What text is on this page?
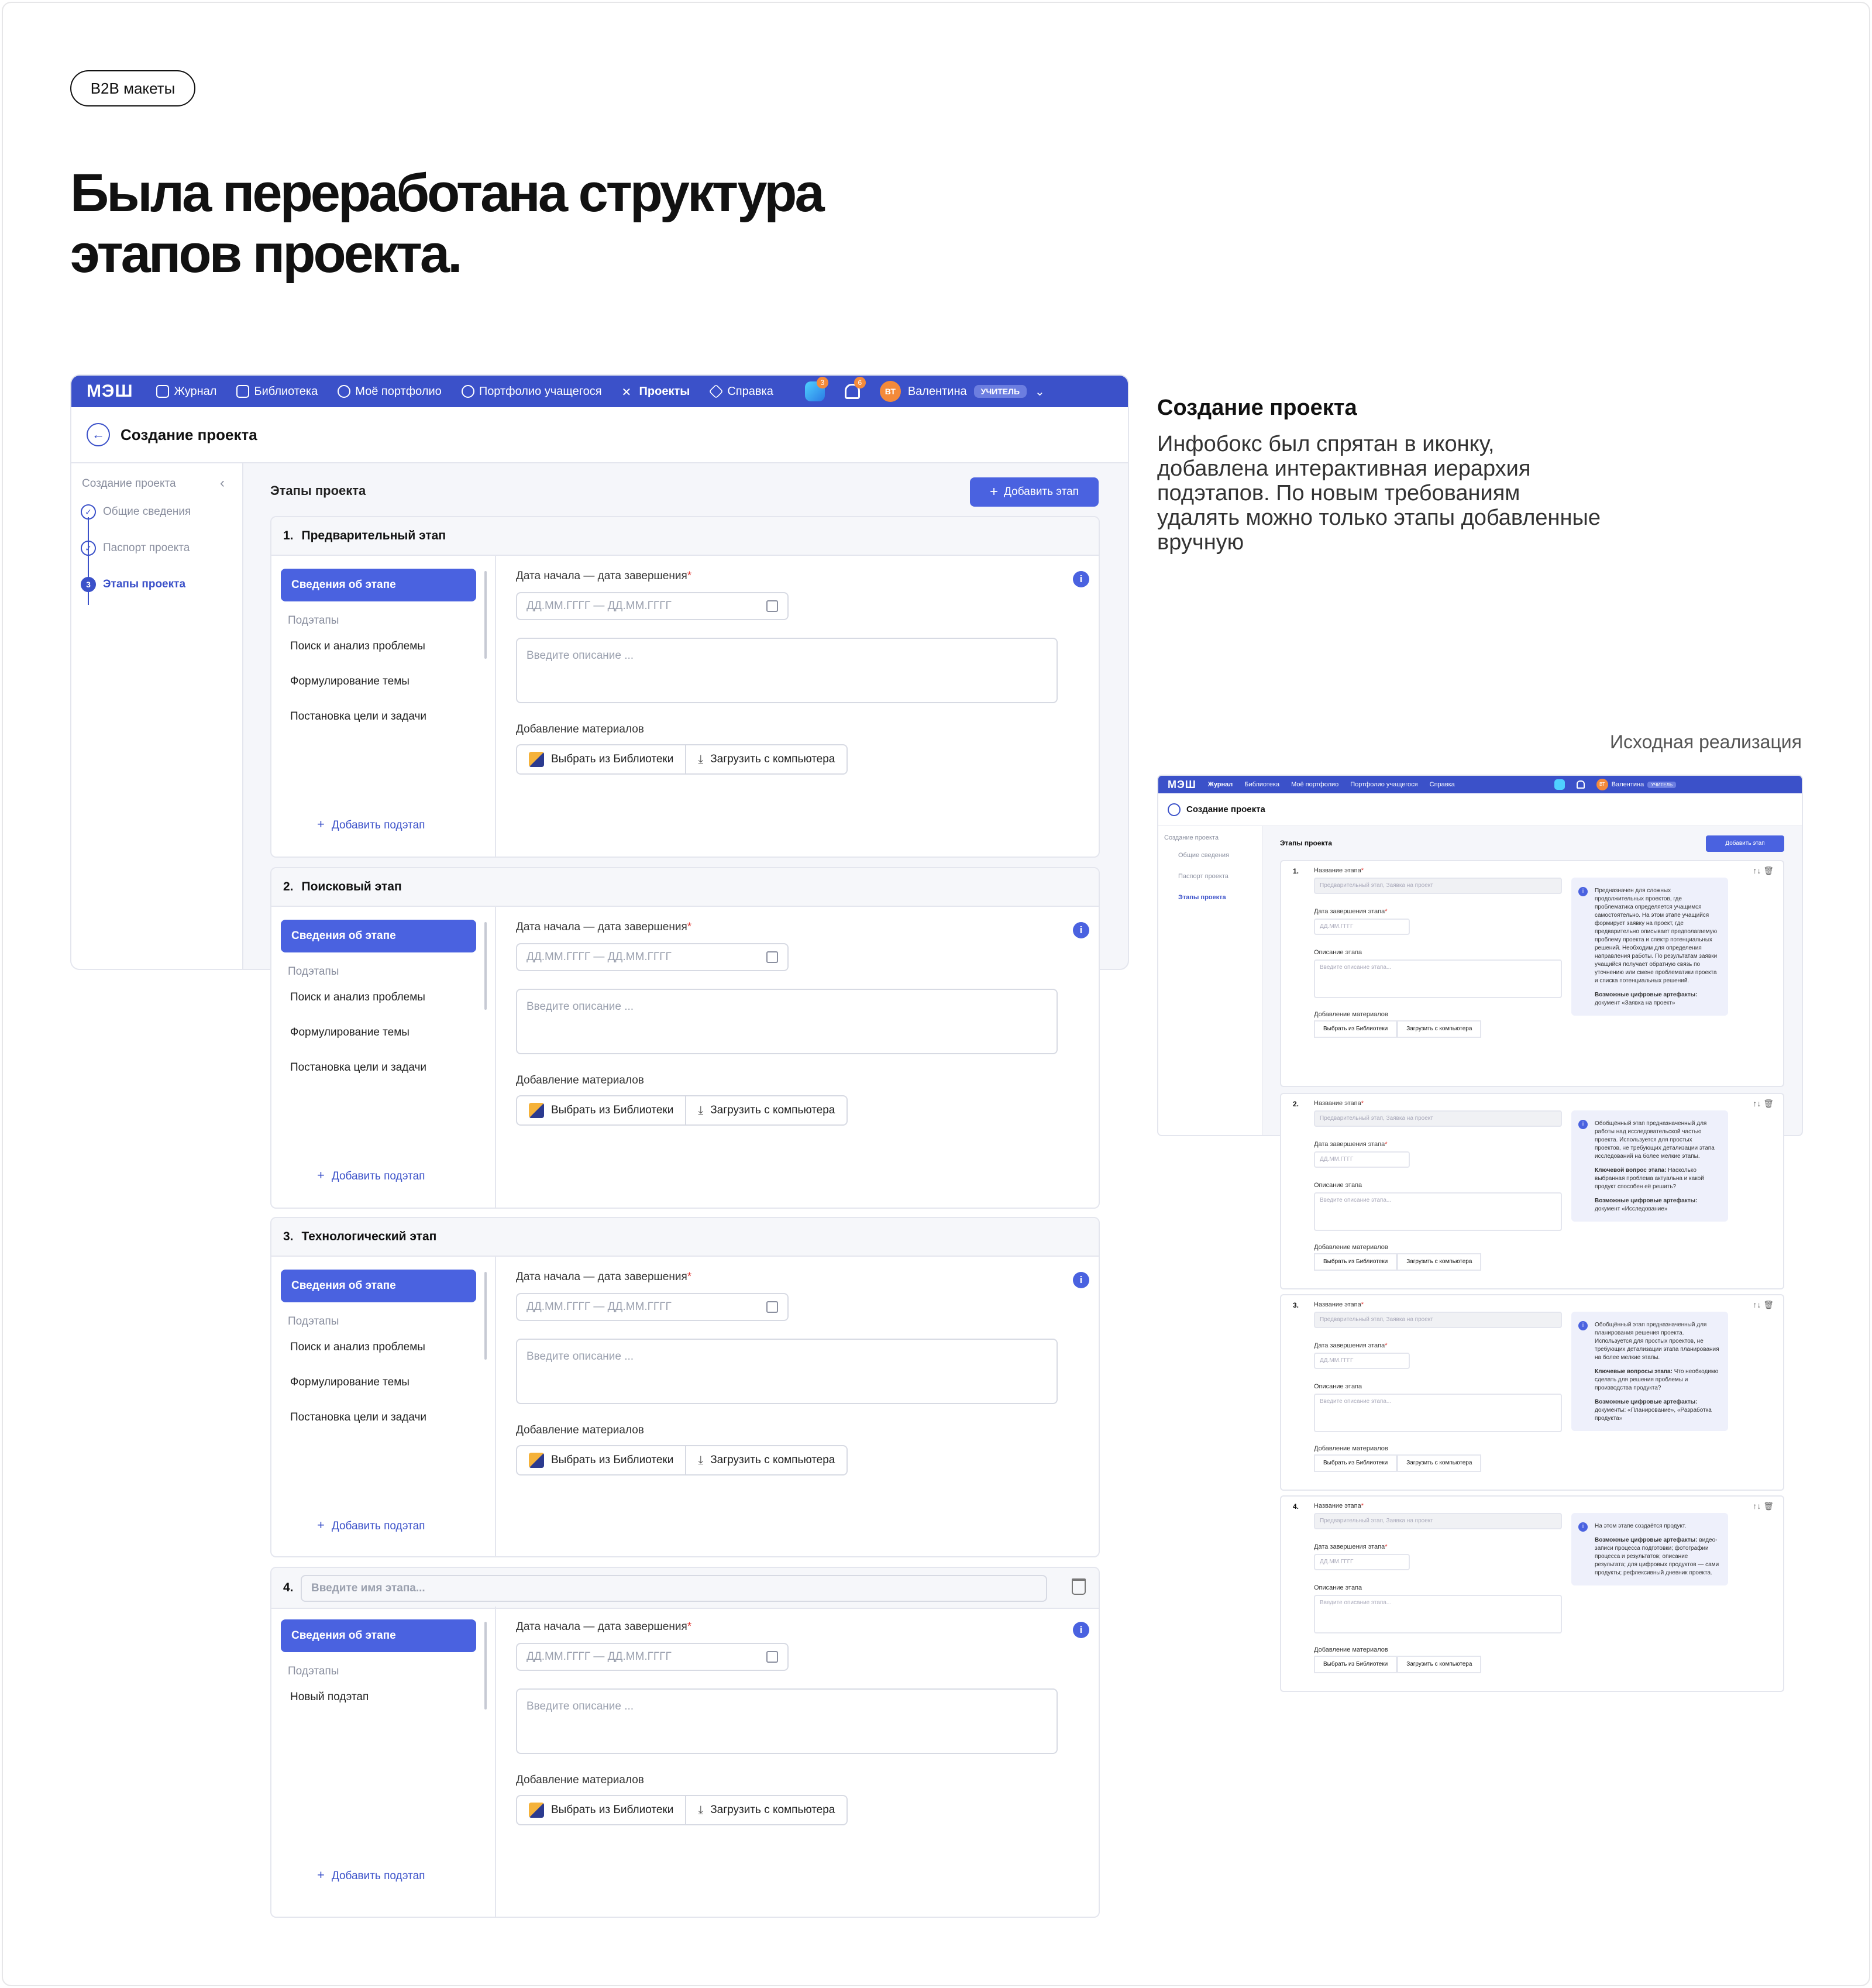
B2B макеты
Была переработана структура
этапов проекта.
МЭШ	Журнал	Библиотека	Моё портфолио	Портфолио учащегося ✕ Проекты	Справка
3	6
ВТ	Валентина	УЧИТЕЛЬ	⌄
←	Создание проекта
Создание проекта	‹
✓	Общие сведения
✓	Паспорт проекта
3	Этапы проекта
Этапы проекта	+ Добавить этап
1. Предварительный этап
Сведения об этапе
Подэтапы
Поиск и анализ проблемы
Формулирование темы
Постановка цели и задачи
+ Добавить подэтап
Дата начала — дата завершения*
ДД.ММ.ГГГГ — ДД.ММ.ГГГГ
i
Введите описание ...
Добавление материалов
Выбрать из Библиотеки ⤓ Загрузить с компьютера
2. Поисковый этап
Сведения об этапе
Подэтапы
Поиск и анализ проблемы
Формулирование темы
Постановка цели и задачи
+ Добавить подэтап
Дата начала — дата завершения*
ДД.ММ.ГГГГ — ДД.ММ.ГГГГ
i
Введите описание ...
Добавление материалов
Выбрать из Библиотеки ⤓ Загрузить с компьютера
3. Технологический этап
Сведения об этапе
Подэтапы
Поиск и анализ проблемы
Формулирование темы
Постановка цели и задачи
+ Добавить подэтап
Дата начала — дата завершения*
ДД.ММ.ГГГГ — ДД.ММ.ГГГГ
i
Введите описание ...
Добавление материалов
Выбрать из Библиотеки ⤓ Загрузить с компьютера
4.	Введите имя этапа...
Сведения об этапе
Подэтапы
Новый подэтап
+ Добавить подэтап
Дата начала — дата завершения*
ДД.ММ.ГГГГ — ДД.ММ.ГГГГ
i
Введите описание ...
Добавление материалов
Выбрать из Библиотеки ⤓ Загрузить с компьютера
Создание проекта
Инфобокс был спрятан в иконку, добавлена интерактивная иерархия подэтапов. По новым требованиям удалять можно только этапы добавленные вручную
Исходная реализация
МЭШ Журнал Библиотека Моё портфолио Портфолио учащегося Справка	ВТ	Валентина	УЧИТЕЛЬ
Создание проекта
Создание проекта
Общие сведения
Паспорт проекта
Этапы проекта
Этапы проекта	Добавить этап
1.	↑↓ 🗑
Название этапа*
Предварительный этап, Заявка на проект
Дата завершения этапа*
ДД.ММ.ГГГГ
Описание этапа
Введите описание этапа...
Добавление материалов
Выбрать из Библиотеки	Загрузить с компьютера
i	Предназначен для сложных продолжительных проектов, где проблематика определяется учащимся самостоятельно. На этом этапе учащийся формирует заявку на проект, где предварительно описывает предполагаемую проблему проекта и спектр потенциальных решений. Необходим для определения направления работы. По результатам заявки учащийся получает обратную связь по уточнению или смене проблематики проекта и списка потенциальных решений.
Возможные цифровые артефакты: документ «Заявка на проект»
2.	↑↓ 🗑
Название этапа*
Предварительный этап, Заявка на проект
Дата завершения этапа*
ДД.ММ.ГГГГ
Описание этапа
Введите описание этапа...
Добавление материалов
Выбрать из Библиотеки	Загрузить с компьютера
i	Обобщённый этап предназначенный для работы над исследовательской частью проекта. Используется для простых проектов, не требующих детализации этапа исследований на более мелкие этапы.
Ключевой вопрос этапа: Насколько выбранная проблема актуальна и какой продукт способен её решить?
Возможные цифровые артефакты: документ «Исследование»
3.	↑↓ 🗑
Название этапа*
Предварительный этап, Заявка на проект
Дата завершения этапа*
ДД.ММ.ГГГГ
Описание этапа
Введите описание этапа...
Добавление материалов
Выбрать из Библиотеки	Загрузить с компьютера
i	Обобщённый этап предназначенный для планирования решения проекта. Используется для простых проектов, не требующих детализации этапа планирования на более мелкие этапы.
Ключевые вопросы этапа: Что необходимо сделать для решения проблемы и производства продукта?
Возможные цифровые артефакты: документы: «Планирование», «Разработка продукта»
4.	↑↓ 🗑
Название этапа*
Предварительный этап, Заявка на проект
Дата завершения этапа*
ДД.ММ.ГГГГ
Описание этапа
Введите описание этапа...
Добавление материалов
Выбрать из Библиотеки	Загрузить с компьютера
i	На этом этапе создаётся продукт.
Возможные цифровые артефакты: видео-записи процесса подготовки; фотографии процесса и результатов; описание результата; для цифровых продуктов — сами продукты; рефлексивный дневник проекта.
